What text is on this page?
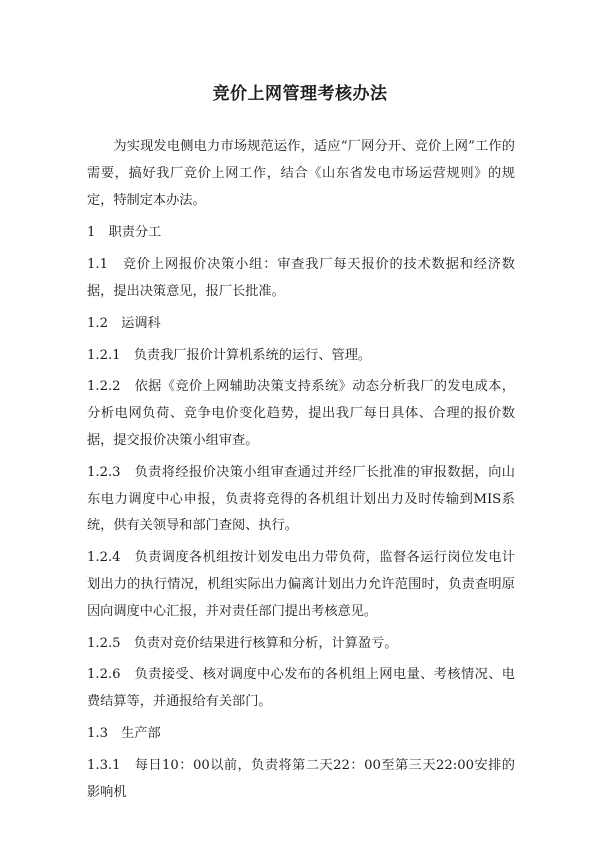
竞价上网管理考核办法

为实现发电侧电力市场规范运作，适应“厂网分开、竞价上网”工作的需要，搞好我厂竞价上网工作，结合《山东省发电市场运营规则》的规定，特制定本办法。

1　职责分工

1.1　竞价上网报价决策小组：审查我厂每天报价的技术数据和经济数据，提出决策意见，报厂长批准。

1.2　运调科

1.2.1　负责我厂报价计算机系统的运行、管理。

1.2.2　依据《竞价上网辅助决策支持系统》动态分析我厂的发电成本，分析电网负荷、竞争电价变化趋势，提出我厂每日具体、合理的报价数据，提交报价决策小组审查。

1.2.3　负责将经报价决策小组审查通过并经厂长批准的审报数据，向山东电力调度中心申报，负责将竞得的各机组计划出力及时传输到MIS系统，供有关领导和部门查阅、执行。

1.2.4　负责调度各机组按计划发电出力带负荷，监督各运行岗位发电计划出力的执行情况，机组实际出力偏离计划出力允许范围时，负责查明原因向调度中心汇报，并对责任部门提出考核意见。

1.2.5　负责对竞价结果进行核算和分析，计算盈亏。

1.2.6　负责接受、核对调度中心发布的各机组上网电量、考核情况、电费结算等，并通报给有关部门。

1.3　生产部

1.3.1　每日10：00以前，负责将第二天22：00至第三天22:00安排的影响机
